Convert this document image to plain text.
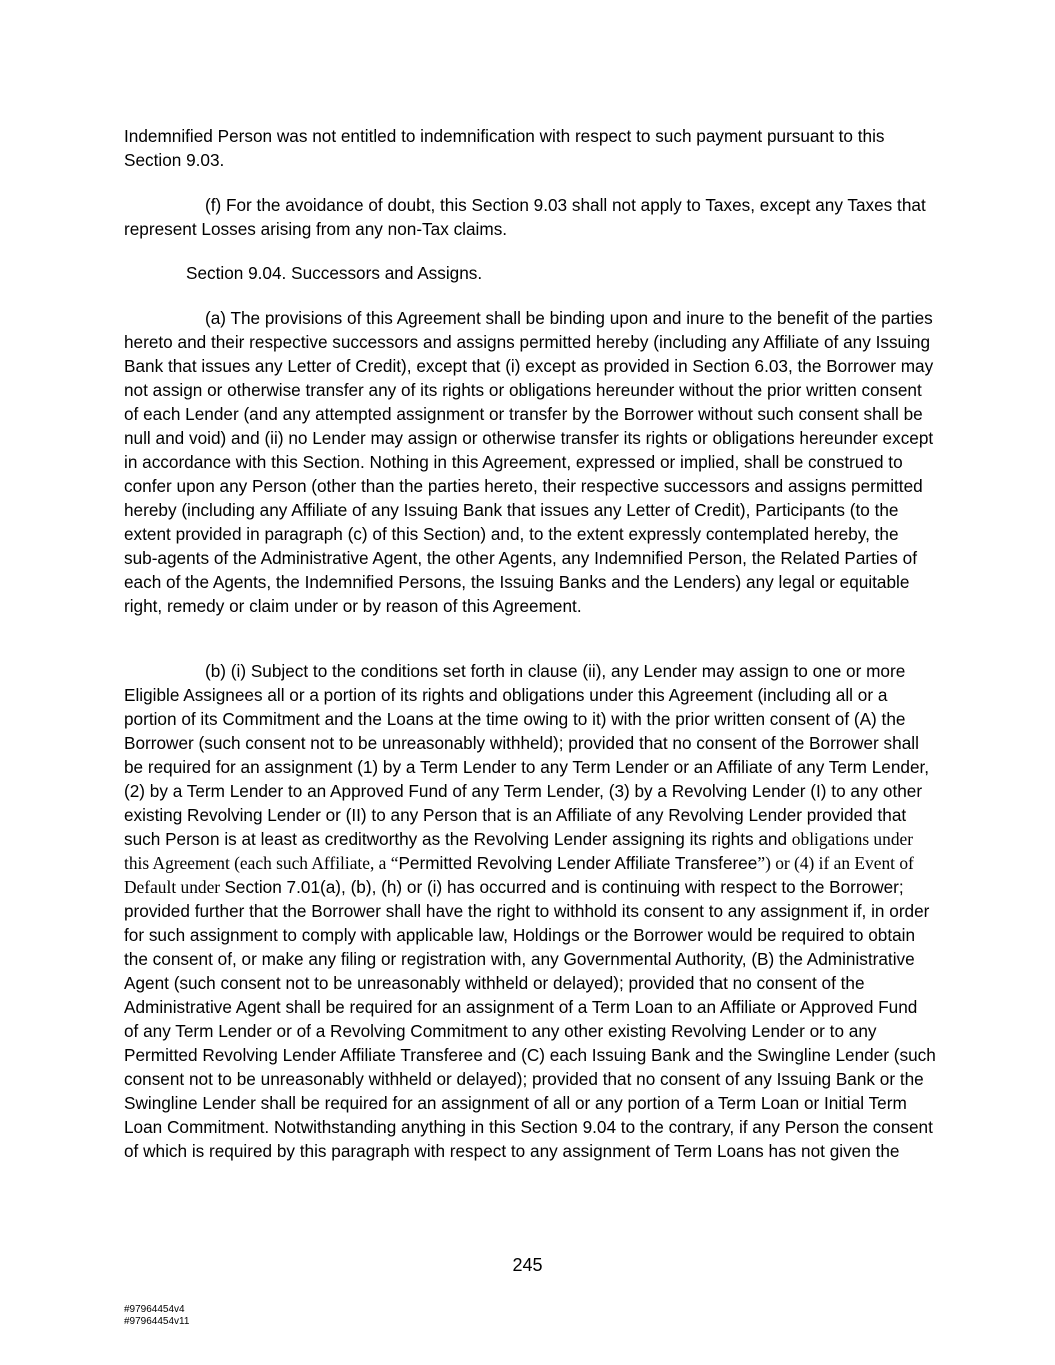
Indemnified Person was not entitled to indemnification with respect to such payment pursuant to this Section 9.03.

(f) For the avoidance of doubt, this Section 9.03 shall not apply to Taxes, except any Taxes that represent Losses arising from any non-Tax claims.

Section 9.04. Successors and Assigns.

(a) The provisions of this Agreement shall be binding upon and inure to the benefit of the parties hereto and their respective successors and assigns permitted hereby (including any Affiliate of any Issuing Bank that issues any Letter of Credit), except that (i) except as provided in Section 6.03, the Borrower may not assign or otherwise transfer any of its rights or obligations hereunder without the prior written consent of each Lender (and any attempted assignment or transfer by the Borrower without such consent shall be null and void) and (ii) no Lender may assign or otherwise transfer its rights or obligations hereunder except in accordance with this Section. Nothing in this Agreement, expressed or implied, shall be construed to confer upon any Person (other than the parties hereto, their respective successors and assigns permitted hereby (including any Affiliate of any Issuing Bank that issues any Letter of Credit), Participants (to the extent provided in paragraph (c) of this Section) and, to the extent expressly contemplated hereby, the sub-agents of the Administrative Agent, the other Agents, any Indemnified Person, the Related Parties of each of the Agents, the Indemnified Persons, the Issuing Banks and the Lenders) any legal or equitable right, remedy or claim under or by reason of this Agreement.

(b) (i) Subject to the conditions set forth in clause (ii), any Lender may assign to one or more Eligible Assignees all or a portion of its rights and obligations under this Agreement (including all or a portion of its Commitment and the Loans at the time owing to it) with the prior written consent of (A) the Borrower (such consent not to be unreasonably withheld); provided that no consent of the Borrower shall be required for an assignment (1) by a Term Lender to any Term Lender or an Affiliate of any Term Lender, (2) by a Term Lender to an Approved Fund of any Term Lender, (3) by a Revolving Lender (I) to any other existing Revolving Lender or (II) to any Person that is an Affiliate of any Revolving Lender provided that such Person is at least as creditworthy as the Revolving Lender assigning its rights and obligations under this Agreement (each such Affiliate, a “Permitted Revolving Lender Affiliate Transferee”) or (4) if an Event of Default under Section 7.01(a), (b), (h) or (i) has occurred and is continuing with respect to the Borrower; provided further that the Borrower shall have the right to withhold its consent to any assignment if, in order for such assignment to comply with applicable law, Holdings or the Borrower would be required to obtain the consent of, or make any filing or registration with, any Governmental Authority, (B) the Administrative Agent (such consent not to be unreasonably withheld or delayed); provided that no consent of the Administrative Agent shall be required for an assignment of a Term Loan to an Affiliate or Approved Fund of any Term Lender or of a Revolving Commitment to any other existing Revolving Lender or to any Permitted Revolving Lender Affiliate Transferee and (C) each Issuing Bank and the Swingline Lender (such consent not to be unreasonably withheld or delayed); provided that no consent of any Issuing Bank or the Swingline Lender shall be required for an assignment of all or any portion of a Term Loan or Initial Term Loan Commitment. Notwithstanding anything in this Section 9.04 to the contrary, if any Person the consent of which is required by this paragraph with respect to any assignment of Term Loans has not given the

245
#97964454v4
#97964454v11
